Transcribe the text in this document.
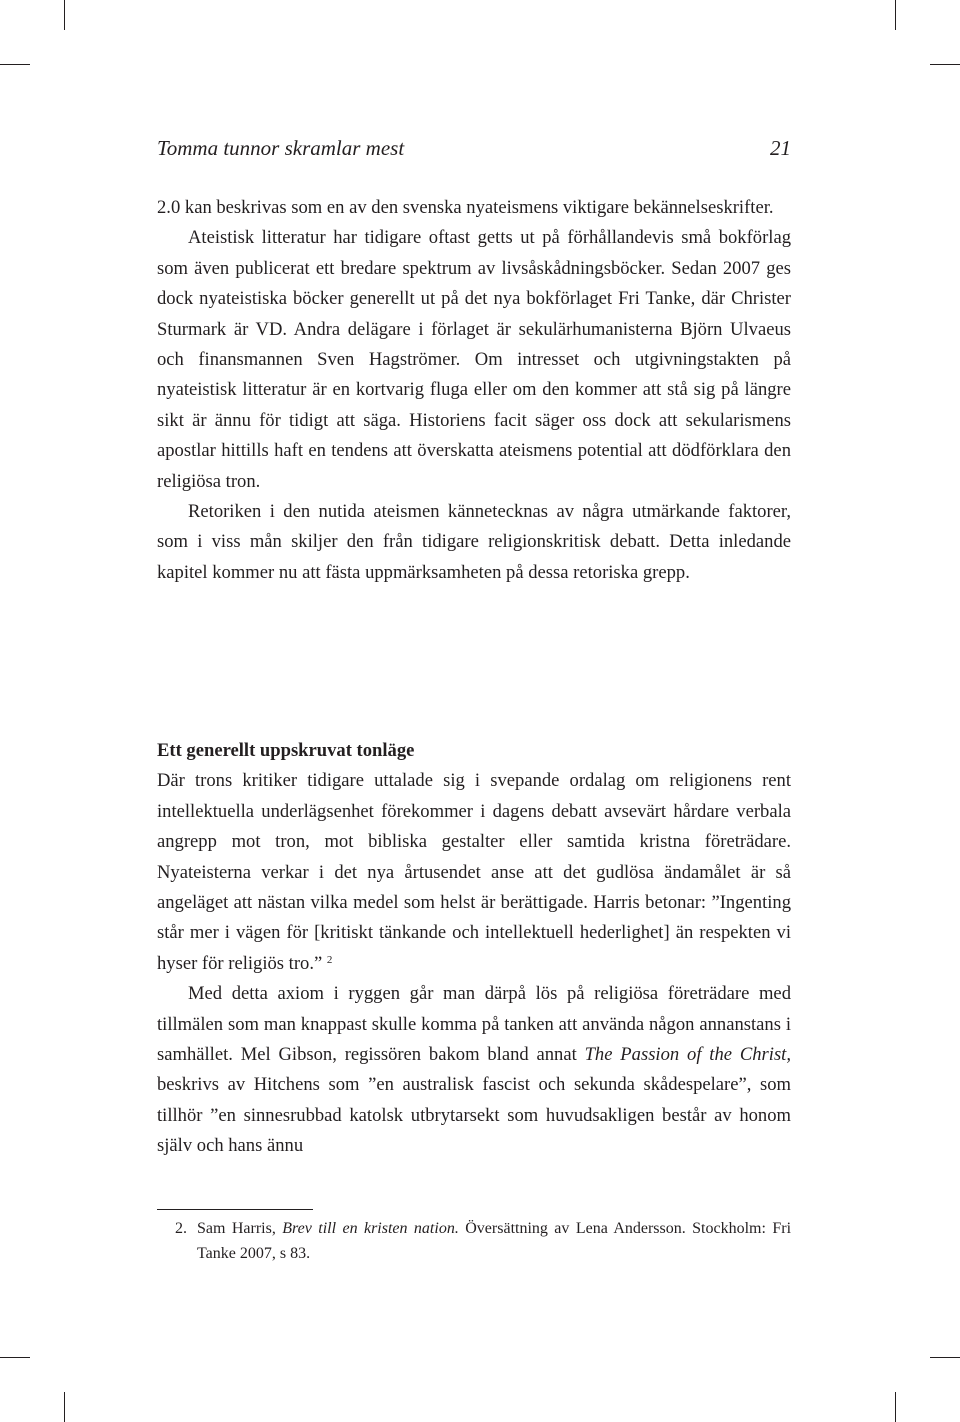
Tomma tunnor skramlar mest	21

2.0 kan beskrivas som en av den svenska nyateismens viktigare bekännelseskrifter.

Ateistisk litteratur har tidigare oftast getts ut på förhållandevis små bokförlag som även publicerat ett bredare spektrum av livsåskådningsböcker. Sedan 2007 ges dock nyateistiska böcker generellt ut på det nya bokförlaget Fri Tanke, där Christer Sturmark är VD. Andra delägare i förlaget är sekulärhumanisterna Björn Ulvaeus och finansmannen Sven Hagströmer. Om intresset och utgivningstakten på nyateistisk litteratur är en kortvarig fluga eller om den kommer att stå sig på längre sikt är ännu för tidigt att säga. Historiens facit säger oss dock att sekularismens apostlar hittills haft en tendens att överskatta ateismens potential att dödförklara den religiösa tron.

Retoriken i den nutida ateismen kännetecknas av några utmärkande faktorer, som i viss mån skiljer den från tidigare religionskritisk debatt. Detta inledande kapitel kommer nu att fästa uppmärksamheten på dessa retoriska grepp.

Ett generellt uppskruvat tonläge

Där trons kritiker tidigare uttalade sig i svepande ordalag om religionens rent intellektuella underlägsenhet förekommer i dagens debatt avsevärt hårdare verbala angrepp mot tron, mot bibliska gestalter eller samtida kristna företrädare. Nyateisterna verkar i det nya årtusendet anse att det gudlösa ändamålet är så angeläget att nästan vilka medel som helst är berättigade. Harris betonar: ”Ingenting står mer i vägen för [kritiskt tänkande och intellektuell hederlighet] än respekten vi hyser för religiös tro.” $^2$

Med detta axiom i ryggen går man därpå lös på religiösa företrädare med tillmälen som man knappast skulle komma på tanken att använda någon annanstans i samhället. Mel Gibson, regissören bakom bland annat The Passion of the Christ, beskrivs av Hitchens som ”en australisk fascist och sekunda skådespelare”, som tillhör ”en sinnesrubbad katolsk utbrytarsekt som huvudsakligen består av honom själv och hans ännu

2. Sam Harris, Brev till en kristen nation. Översättning av Lena Andersson. Stockholm: Fri Tanke 2007, s 83.
